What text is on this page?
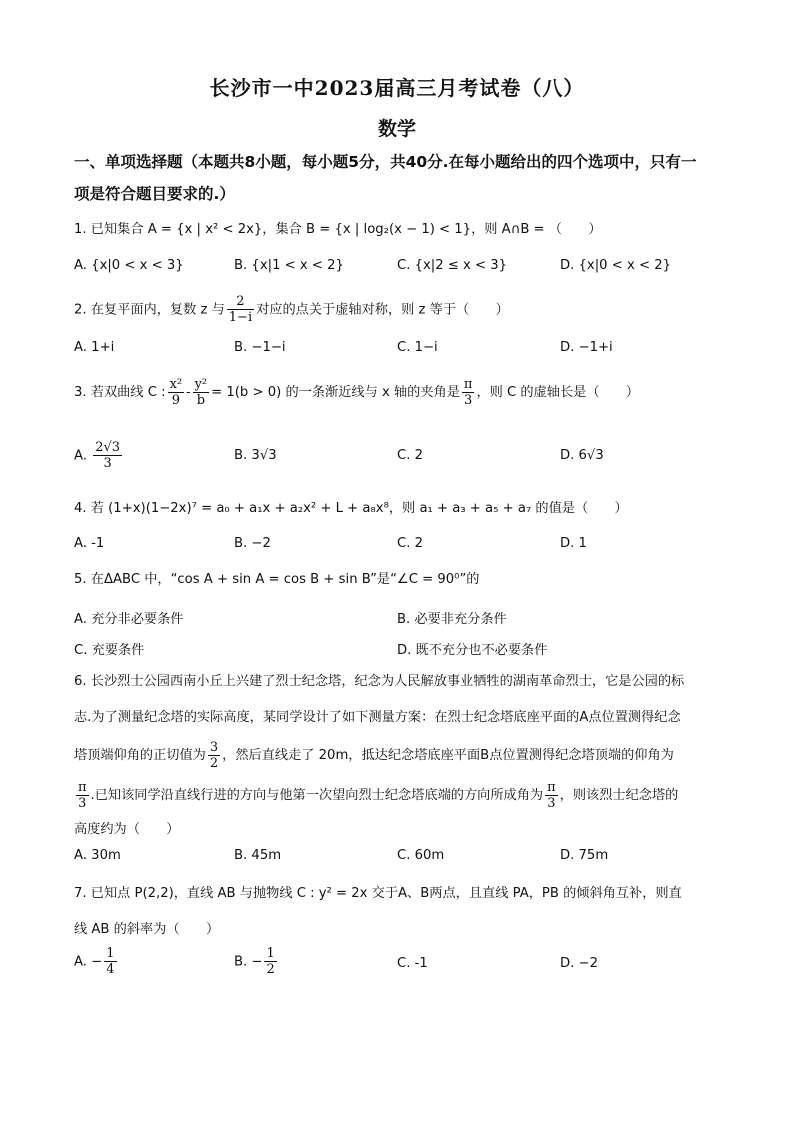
长沙市一中2023届高三月考试卷（八）
数学
一、单项选择题（本题共8小题，每小题5分，共40分.在每小题给出的四个选项中，只有一
项是符合题目要求的.）
1. 已知集合 A = {x | x² < 2x}，集合 B = {x | log₂(x − 1) < 1}，则 A∩B = （　　）
A. {x|0 < x < 3}	B. {x|1 < x < 2}	C. {x|2 ≤ x < 3}	D. {x|0 < x < 2}
2. 在复平面内，复数 z 与 $\frac{2}{1-i}$ 对应的点关于虚轴对称，则 z 等于（　　）
A. 1+i	B. −1−i	C. 1−i	D. −1+i
3. 若双曲线 C : $\frac{\text{x²}}{9} - \frac{\text{y²}}{b} = 1(b > 0)$ 的一条渐近线与 x 轴的夹角是 $\frac{\pi}{3}$ ，则 C 的虚轴长是（　　）
A. $\frac{2√3}{3}$	B. 3√3	C. 2	D. 6√3
4. 若 (1+x)(1−2x)⁷ = a₀ + a₁x + a₂x² + L + a₈x⁸，则 a₁ + a₃ + a₅ + a₇ 的值是（　　）
A. -1	B. −2	C. 2	D. 1
5. 在ΔABC 中，“cos A + sin A = cos B + sin B”是“∠C = 90⁰”的
A. 充分非必要条件	B. 必要非充分条件
C. 充要条件	D. 既不充分也不必要条件
6. 长沙烈士公园西南小丘上兴建了烈士纪念塔，纪念为人民解放事业牺牲的湖南革命烈士，它是公园的标
志.为了测量纪念塔的实际高度，某同学设计了如下测量方案：在烈士纪念塔底座平面的A点位置测得纪念
塔顶端仰角的正切值为 $\frac{3}{2}$ ，然后直线走了 20m，抵达纪念塔底座平面B点位置测得纪念塔顶端的仰角为
$\frac{\pi}{3}$ .已知该同学沿直线行进的方向与他第一次望向烈士纪念塔底端的方向所成角为 $\frac{\pi}{3}$ ，则该烈士纪念塔的
高度约为（　　）
A. 30m	B. 45m	C. 60m	D. 75m
7. 已知点 P(2,2)，直线 AB 与抛物线 C : y² = 2x 交于A、B两点，且直线 PA，PB 的倾斜角互补，则直
线 AB 的斜率为（　　）
A. − $\frac{1}{4}$	B. − $\frac{1}{2}$	C. -1	D. −2
